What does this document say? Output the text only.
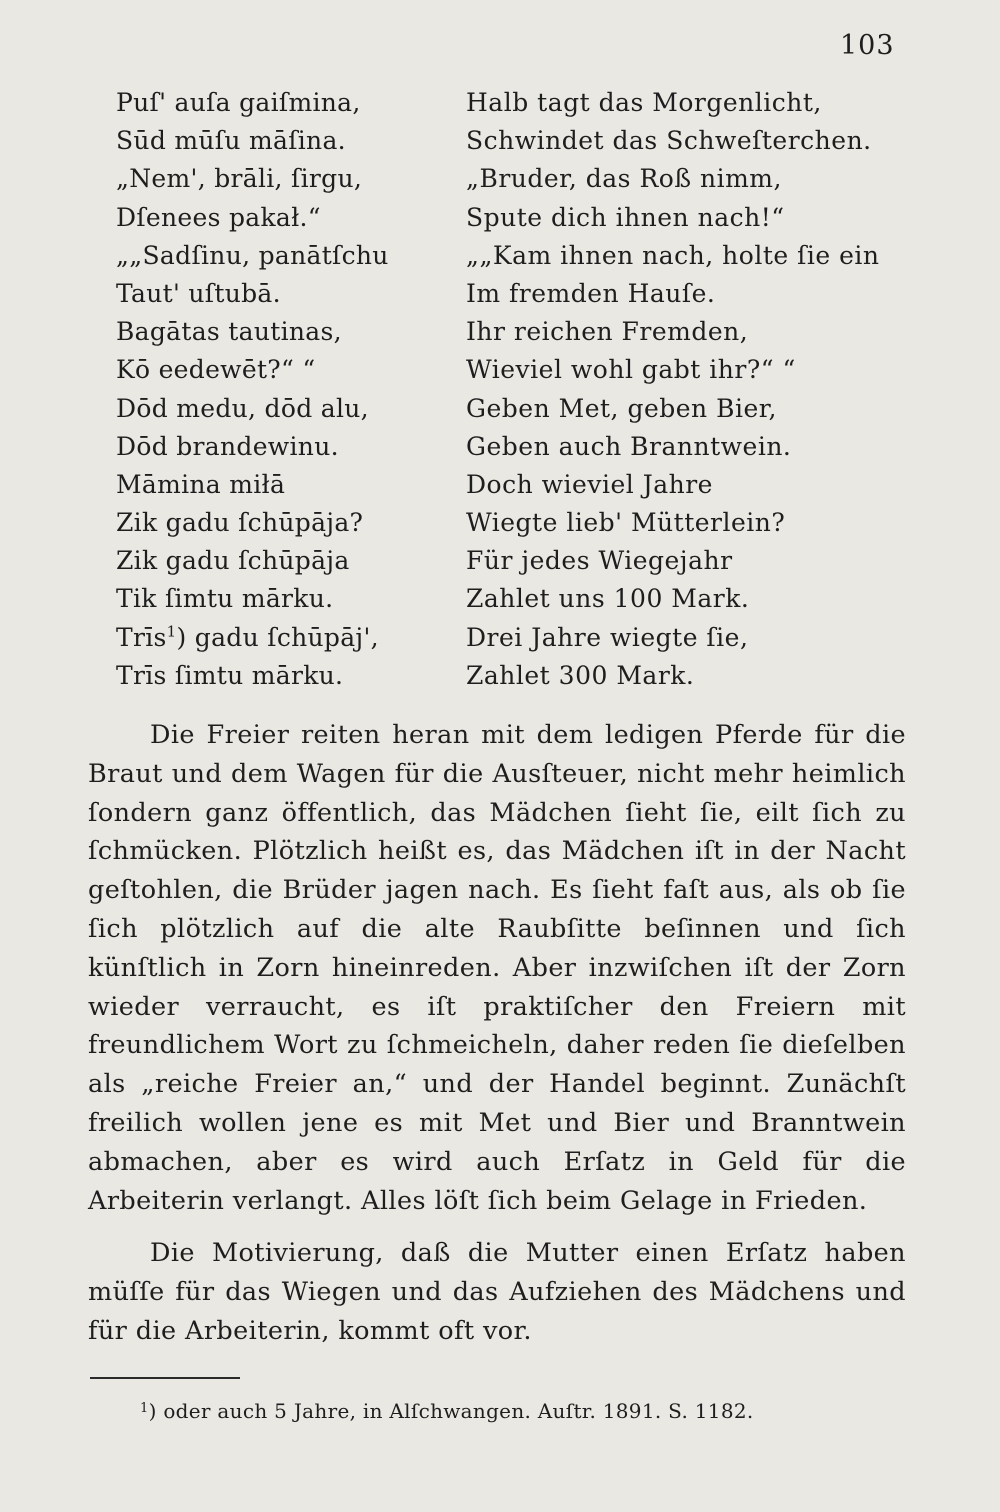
103
Puſ' auſa gaiſmina,	Halb tagt das Morgenlicht,
Sūd mūſu māſina.	Schwindet das Schweſterchen.
„Nem', brāli, ſirgu,	„Bruder, das Roß nimm,
Dſenees pakał.“	Spute dich ihnen nach!“
„„Sadſinu, panātſchu	„„Kam ihnen nach, holte ſie ein
Taut' uſtubā.	Im fremden Hauſe.
Bagātas tautinas,	Ihr reichen Fremden,
Kō eedewēt?“ “	Wieviel wohl gabt ihr?“ “
Dōd medu, dōd alu,	Geben Met, geben Bier,
Dōd brandewinu.	Geben auch Branntwein.
Māmina miłā	Doch wieviel Jahre
Zik gadu ſchūpāja?	Wiegte lieb' Mütterlein?
Zik gadu ſchūpāja	Für jedes Wiegejahr
Tik ſimtu mārku.	Zahlet uns 100 Mark.
Trīs$^1$) gadu ſchūpāj',	Drei Jahre wiegte ſie,
Trīs ſimtu mārku.	Zahlet 300 Mark.

Die Freier reiten heran mit dem ledigen Pferde für die Braut und dem Wagen für die Ausſteuer, nicht mehr heimlich ſondern ganz öffentlich, das Mädchen ſieht ſie, eilt ſich zu ſchmücken. Plötzlich heißt es, das Mädchen iſt in der Nacht geſtohlen, die Brüder jagen nach. Es ſieht faſt aus, als ob ſie ſich plötzlich auf die alte Raubſitte beſinnen und ſich künſtlich in Zorn hineinreden. Aber inzwiſchen iſt der Zorn wieder verraucht, es iſt praktiſcher den Freiern mit freundlichem Wort zu ſchmeicheln, daher reden ſie dieſelben als „reiche Freier an,“ und der Handel beginnt. Zunächſt freilich wollen jene es mit Met und Bier und Branntwein abmachen, aber es wird auch Erſatz in Geld für die Arbeiterin verlangt. Alles löſt ſich beim Gelage in Frieden.

Die Motivierung, daß die Mutter einen Erſatz haben müſſe für das Wiegen und das Aufziehen des Mädchens und für die Arbeiterin, kommt oft vor.

$^1$) oder auch 5 Jahre, in Alſchwangen. Auſtr. 1891. S. 1182.
